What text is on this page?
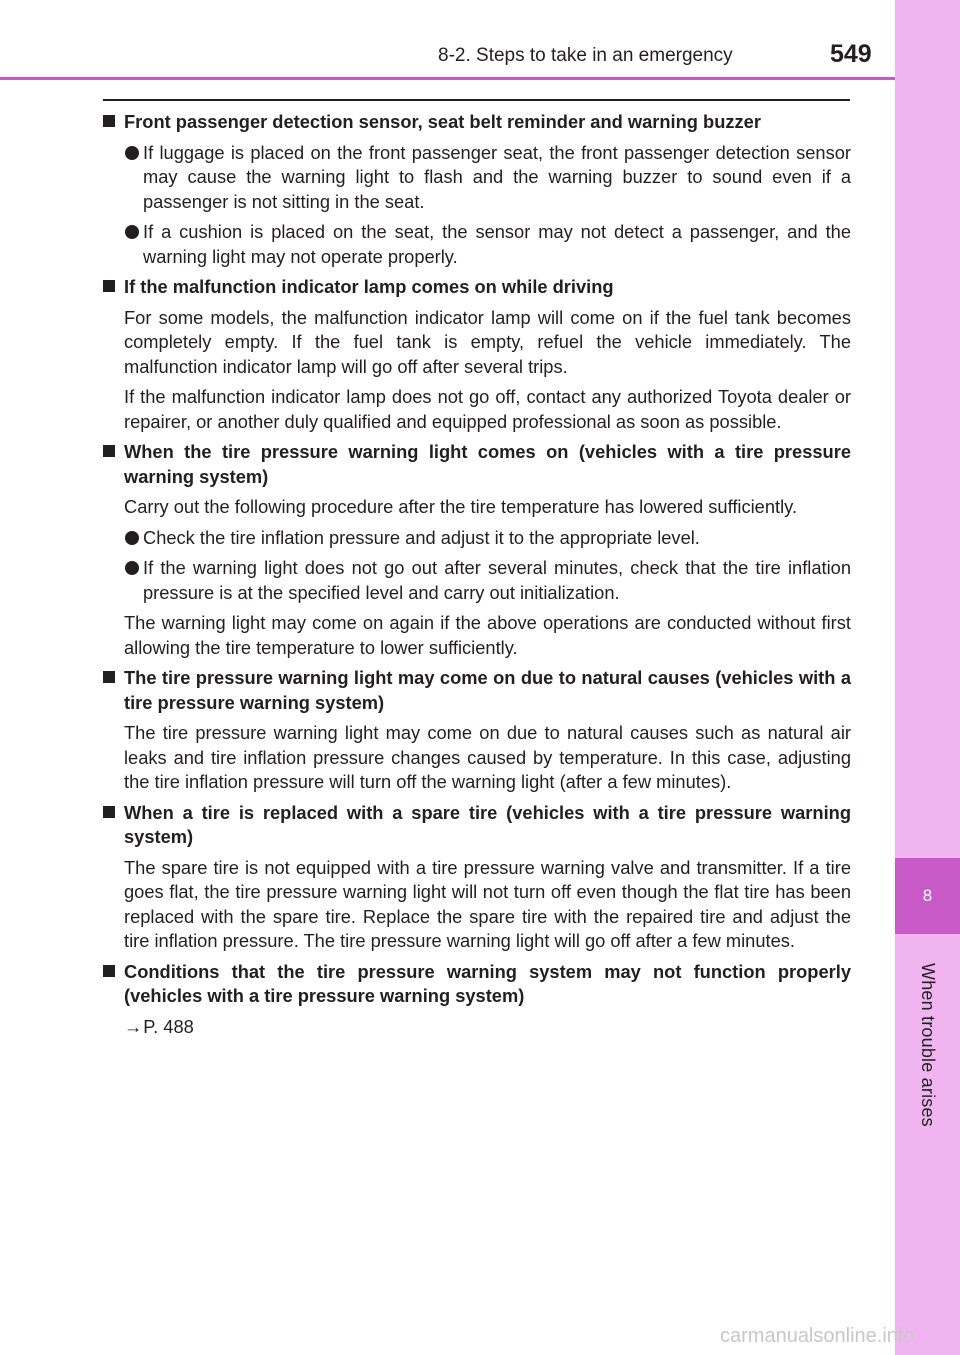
8
When trouble arises
8-2. Steps to take in an emergency	549
Front passenger detection sensor, seat belt reminder and warning buzzer
If luggage is placed on the front passenger seat, the front passenger detection sensor may cause the warning light to flash and the warning buzzer to sound even if a passenger is not sitting in the seat.
If a cushion is placed on the seat, the sensor may not detect a passenger, and the warning light may not operate properly.
If the malfunction indicator lamp comes on while driving
For some models, the malfunction indicator lamp will come on if the fuel tank becomes completely empty. If the fuel tank is empty, refuel the vehicle immediately. The malfunction indicator lamp will go off after several trips.
If the malfunction indicator lamp does not go off, contact any authorized Toyota dealer or repairer, or another duly qualified and equipped professional as soon as possible.
When the tire pressure warning light comes on (vehicles with a tire pressure warning system)
Carry out the following procedure after the tire temperature has lowered sufficiently.
Check the tire inflation pressure and adjust it to the appropriate level.
If the warning light does not go out after several minutes, check that the tire inflation pressure is at the specified level and carry out initialization.
The warning light may come on again if the above operations are conducted without first allowing the tire temperature to lower sufficiently.
The tire pressure warning light may come on due to natural causes (vehicles with a tire pressure warning system)
The tire pressure warning light may come on due to natural causes such as natural air leaks and tire inflation pressure changes caused by temperature. In this case, adjusting the tire inflation pressure will turn off the warning light (after a few minutes).
When a tire is replaced with a spare tire (vehicles with a tire pressure warning system)
The spare tire is not equipped with a tire pressure warning valve and transmitter. If a tire goes flat, the tire pressure warning light will not turn off even though the flat tire has been replaced with the spare tire. Replace the spare tire with the repaired tire and adjust the tire inflation pressure. The tire pressure warning light will go off after a few minutes.
Conditions that the tire pressure warning system may not function properly (vehicles with a tire pressure warning system)
→P. 488
carmanualsonline.info
